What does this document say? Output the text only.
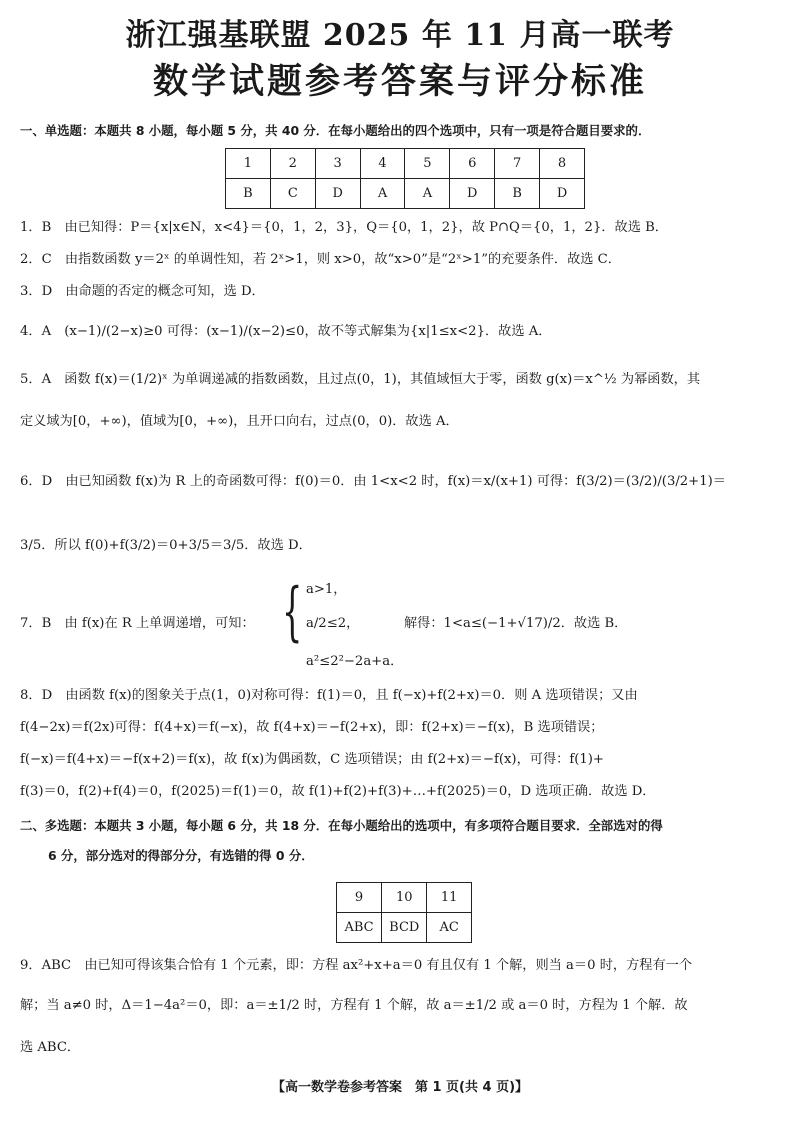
浙江强基联盟 2025 年 11 月高一联考
数学试题参考答案与评分标准
一、单选题：本题共 8 小题，每小题 5 分，共 40 分．在每小题给出的四个选项中，只有一项是符合题目要求的．
1	2	3	4	5	6	7	8
B	C	D	A	A	D	B	D
1．B　由已知得：P＝{x|x∈N，x<4}＝{0，1，2，3}，Q＝{0，1，2}，故 P∩Q＝{0，1，2}．故选 B．
2．C　由指数函数 y＝2ˣ 的单调性知，若 2ˣ>1，则 x>0，故“x>0”是“2ˣ>1”的充要条件．故选 C．
3．D　由命题的否定的概念可知，选 D．
4．A　(x−1)/(2−x)≥0 可得：(x−1)/(x−2)≤0，故不等式解集为{x|1≤x<2}．故选 A．
5．A　函数 f(x)＝(1/2)ˣ 为单调递减的指数函数，且过点(0，1)，其值域恒大于零，函数 g(x)＝x^½ 为幂函数，其
定义域为[0，+∞)，值域为[0，+∞)，且开口向右，过点(0，0)．故选 A．
6．D　由已知函数 f(x)为 R 上的奇函数可得：f(0)＝0．由 1<x<2 时，f(x)＝x/(x+1) 可得：f(3/2)＝(3/2)/(3/2+1)＝
3/5．所以 f(0)+f(3/2)＝0+3/5＝3/5．故选 D．
7．B　由 f(x)在 R 上单调递增，可知： { a>1，
a/2≤2，
a²≤2²−2a+a．
解得：1<a≤(−1+√17)/2．故选 B．
8．D　由函数 f(x)的图象关于点(1，0)对称可得：f(1)＝0，且 f(−x)+f(2+x)＝0．则 A 选项错误；又由
f(4−2x)＝f(2x)可得：f(4+x)＝f(−x)，故 f(4+x)＝−f(2+x)，即：f(2+x)＝−f(x)，B 选项错误；
f(−x)＝f(4+x)＝−f(x+2)＝f(x)，故 f(x)为偶函数，C 选项错误；由 f(2+x)＝−f(x)，可得：f(1)+
f(3)＝0，f(2)+f(4)＝0，f(2025)＝f(1)＝0，故 f(1)+f(2)+f(3)+…+f(2025)＝0，D 选项正确．故选 D．
二、多选题：本题共 3 小题，每小题 6 分，共 18 分．在每小题给出的选项中，有多项符合题目要求．全部选对的得
6 分，部分选对的得部分分，有选错的得 0 分．
9	10	11
ABC	BCD	AC
9．ABC　由已知可得该集合恰有 1 个元素，即：方程 ax²+x+a＝0 有且仅有 1 个解，则当 a＝0 时，方程有一个
解；当 a≠0 时，Δ＝1−4a²＝0，即：a＝±1/2 时，方程有 1 个解，故 a＝±1/2 或 a＝0 时，方程为 1 个解．故
选 ABC．
【高一数学卷参考答案　第 1 页(共 4 页)】
